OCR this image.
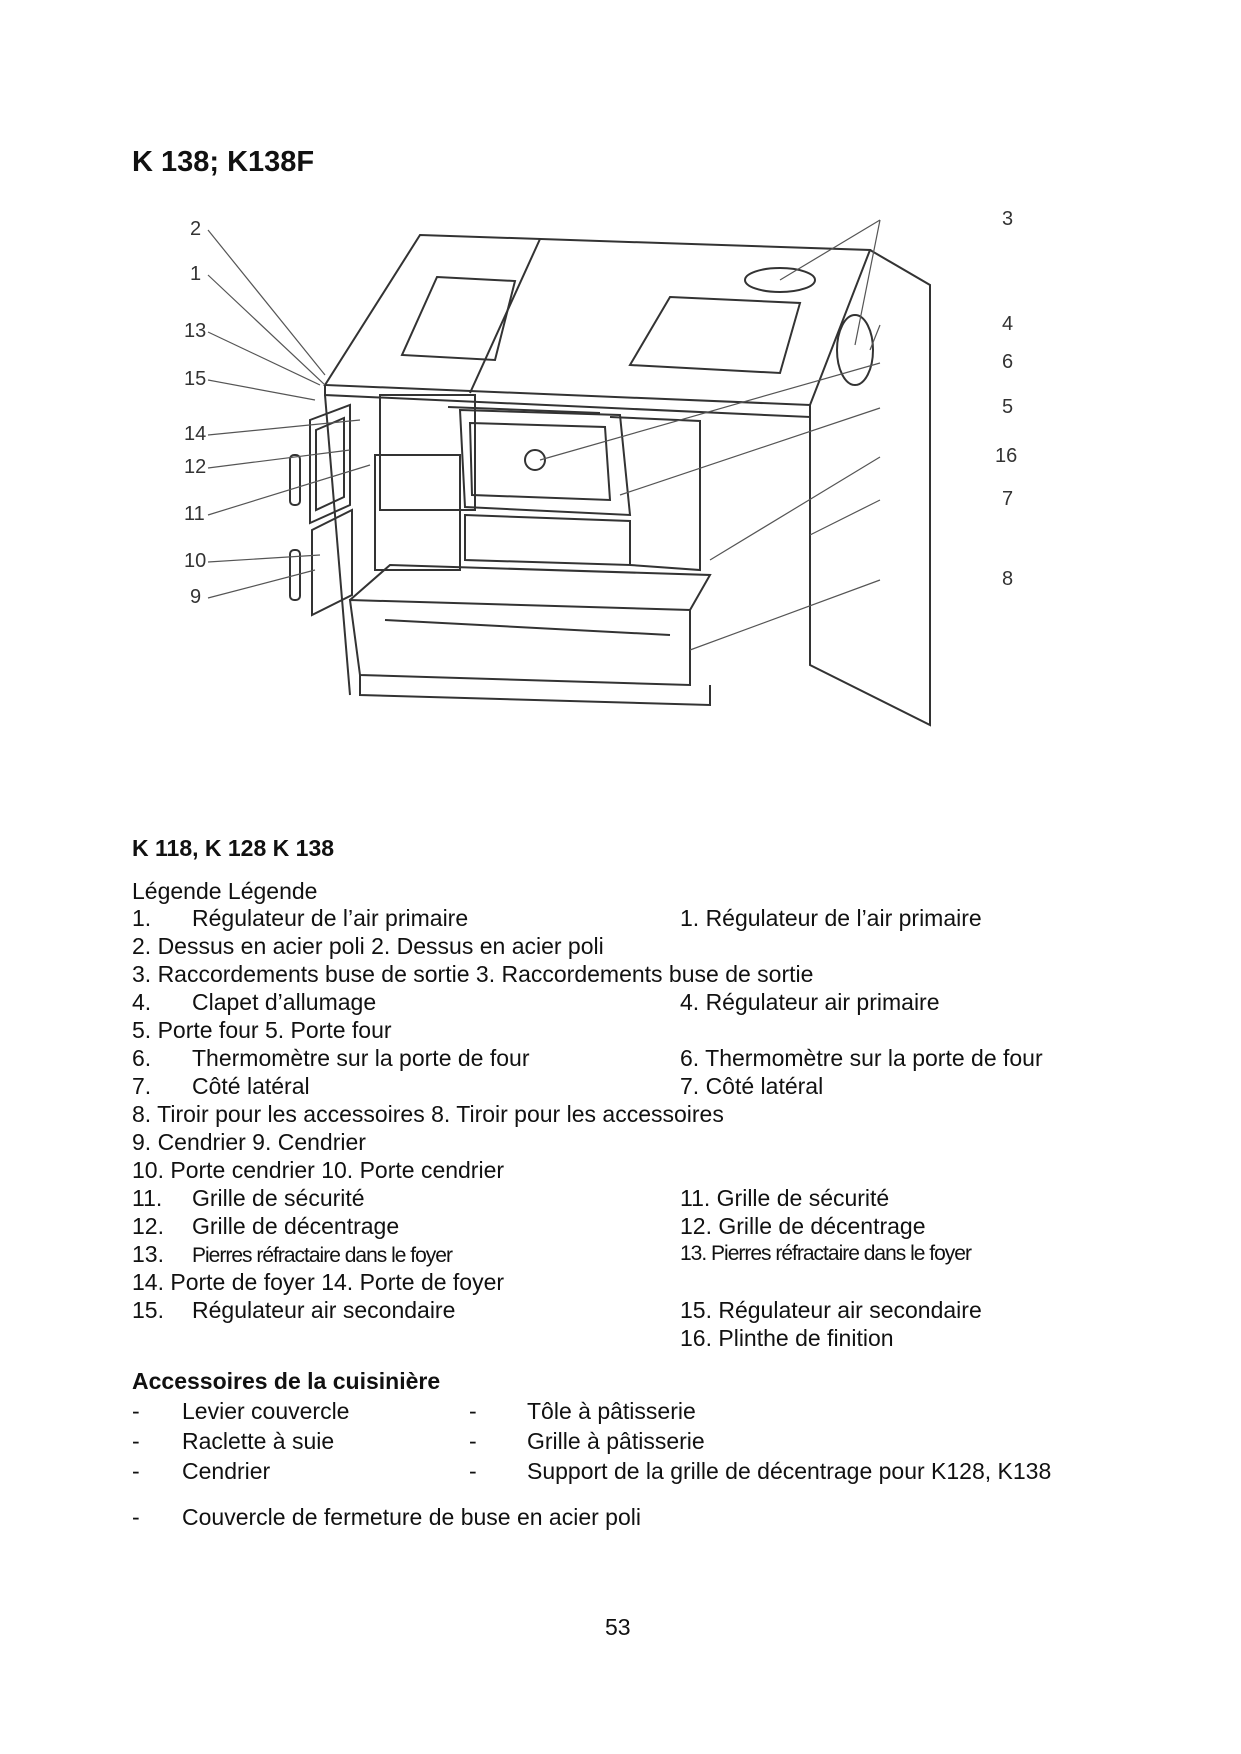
K 138; K138F
2
1
13
15
14
12
11
10
9
3
4
6
5
16
7
8
K 118, K 128 K 138
Légende Légende
1. Régulateur de l’air primaire	1. Régulateur de l’air primaire
2. Dessus en acier poli 2. Dessus en acier poli
3. Raccordements buse de sortie 3. Raccordements buse de sortie
4. Clapet d’allumage	4. Régulateur air primaire
5. Porte four 5. Porte four
6. Thermomètre sur la porte de four	6. Thermomètre sur la porte de four
7. Côté latéral	7. Côté latéral
8. Tiroir pour les accessoires 8. Tiroir pour les accessoires
9. Cendrier 9. Cendrier
10. Porte cendrier 10. Porte cendrier
11. Grille de sécurité	11. Grille de sécurité
12. Grille de décentrage	12. Grille de décentrage
13. Pierres réfractaire dans le foyer	13. Pierres réfractaire dans le foyer
14. Porte de foyer 14. Porte de foyer
15. Régulateur air secondaire	15. Régulateur air secondaire
16. Plinthe de finition
Accessoires de la cuisinière
- Levier couvercle	- Tôle à pâtisserie
- Raclette à suie	- Grille à pâtisserie
- Cendrier	- Support de la grille de décentrage pour K128, K138
- Couvercle de fermeture de buse en acier poli
53
